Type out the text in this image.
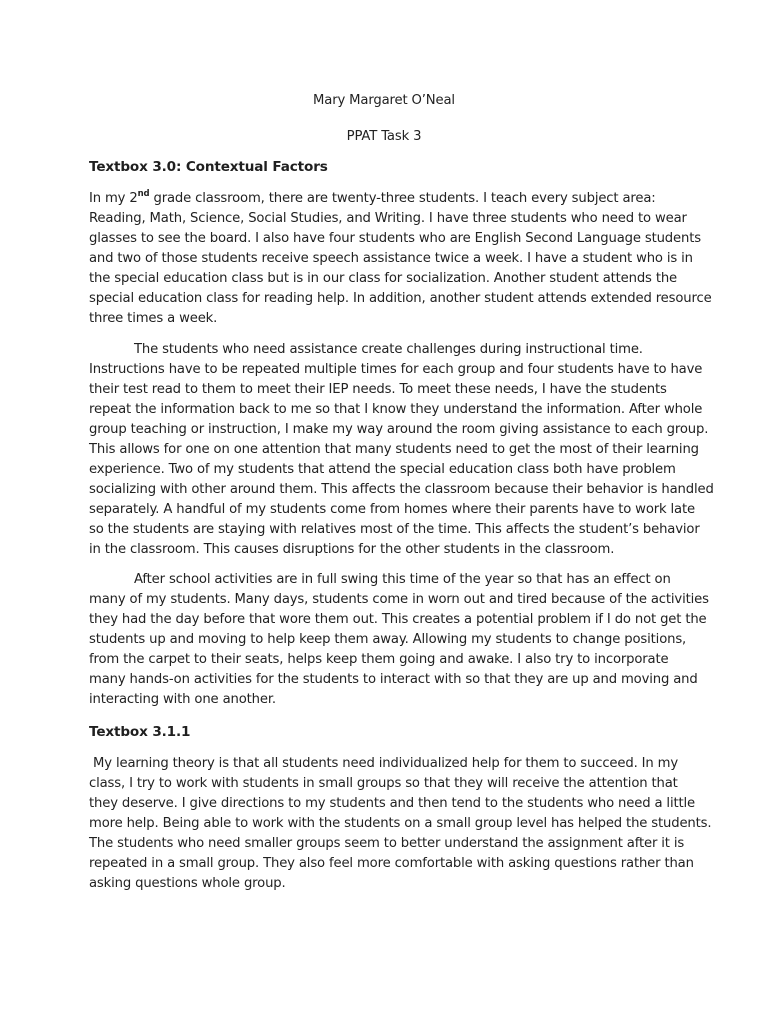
Mary Margaret O’Neal
PPAT Task 3
Textbox 3.0: Contextual Factors
In my 2nd grade classroom, there are twenty-three students. I teach every subject area:
Reading, Math, Science, Social Studies, and Writing. I have three students who need to wear
glasses to see the board. I also have four students who are English Second Language students
and two of those students receive speech assistance twice a week. I have a student who is in
the special education class but is in our class for socialization. Another student attends the
special education class for reading help. In addition, another student attends extended resource
three times a week.
The students who need assistance create challenges during instructional time.
Instructions have to be repeated multiple times for each group and four students have to have
their test read to them to meet their IEP needs. To meet these needs, I have the students
repeat the information back to me so that I know they understand the information. After whole
group teaching or instruction, I make my way around the room giving assistance to each group.
This allows for one on one attention that many students need to get the most of their learning
experience. Two of my students that attend the special education class both have problem
socializing with other around them. This affects the classroom because their behavior is handled
separately. A handful of my students come from homes where their parents have to work late
so the students are staying with relatives most of the time. This affects the student’s behavior
in the classroom. This causes disruptions for the other students in the classroom.
After school activities are in full swing this time of the year so that has an effect on
many of my students. Many days, students come in worn out and tired because of the activities
they had the day before that wore them out. This creates a potential problem if I do not get the
students up and moving to help keep them away. Allowing my students to change positions,
from the carpet to their seats, helps keep them going and awake. I also try to incorporate
many hands-on activities for the students to interact with so that they are up and moving and
interacting with one another.
Textbox 3.1.1
My learning theory is that all students need individualized help for them to succeed. In my
class, I try to work with students in small groups so that they will receive the attention that
they deserve. I give directions to my students and then tend to the students who need a little
more help. Being able to work with the students on a small group level has helped the students.
The students who need smaller groups seem to better understand the assignment after it is
repeated in a small group. They also feel more comfortable with asking questions rather than
asking questions whole group.
